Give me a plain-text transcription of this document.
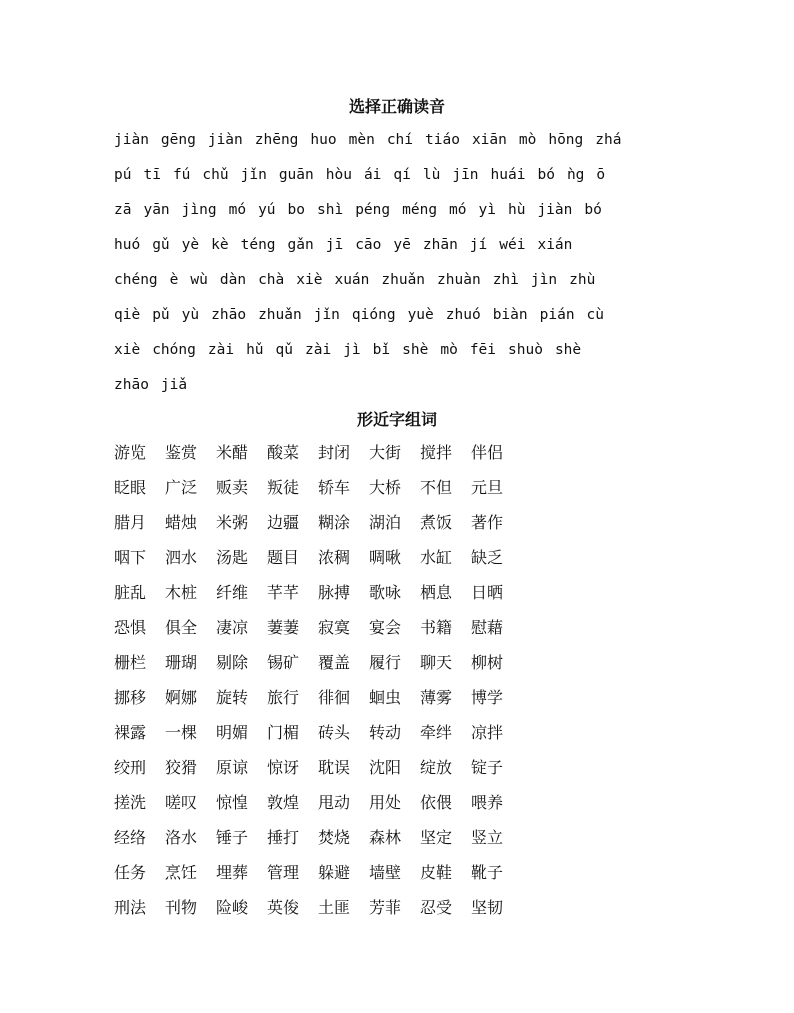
选择正确读音
jiàn gēng jiàn zhēng huo mèn chí tiáo xiān mò hōng zhá
pú tī fú chǔ jǐn guān hòu ái qí lù jīn huái bó ǹg ō
zā yān jìng mó yú bo shì péng méng mó yì hù jiàn bó
huó gǔ yè kè téng gǎn jī cāo yē zhān jí wéi xián
chéng è wù dàn chà xiè xuán zhuǎn zhuàn zhì jìn zhù
qiè pǔ yù zhāo zhuǎn jǐn qióng yuè zhuó biàn pián cù
xiè chóng zài hǔ qǔ zài jì bǐ shè mò fēi shuò shè
zhāo jiǎ
形近字组词
游览 鉴赏 米醋 酸菜 封闭 大街 搅拌 伴侣
眨眼 广泛 贩卖 叛徒 轿车 大桥 不但 元旦
腊月 蜡烛 米粥 边疆 糊涂 湖泊 煮饭 著作
咽下 泗水 汤匙 题目 浓稠 啁啾 水缸 缺乏
脏乱 木桩 纤维 芊芊 脉搏 歌咏 栖息 日晒
恐惧 俱全 凄凉 萋萋 寂寞 宴会 书籍 慰藉
栅栏 珊瑚 剔除 锡矿 覆盖 履行 聊天 柳树
挪移 婀娜 旋转 旅行 徘徊 蛔虫 薄雾 博学
裸露 一棵 明媚 门楣 砖头 转动 牵绊 凉拌
绞刑 狡猾 原谅 惊讶 耽误 沈阳 绽放 锭子
搓洗 嗟叹 惊惶 敦煌 甩动 用处 依偎 喂养
经络 洛水 锤子 捶打 焚烧 森林 坚定 竖立
任务 烹饪 埋葬 管理 躲避 墙壁 皮鞋 靴子
刑法 刊物 险峻 英俊 土匪 芳菲 忍受 坚韧
